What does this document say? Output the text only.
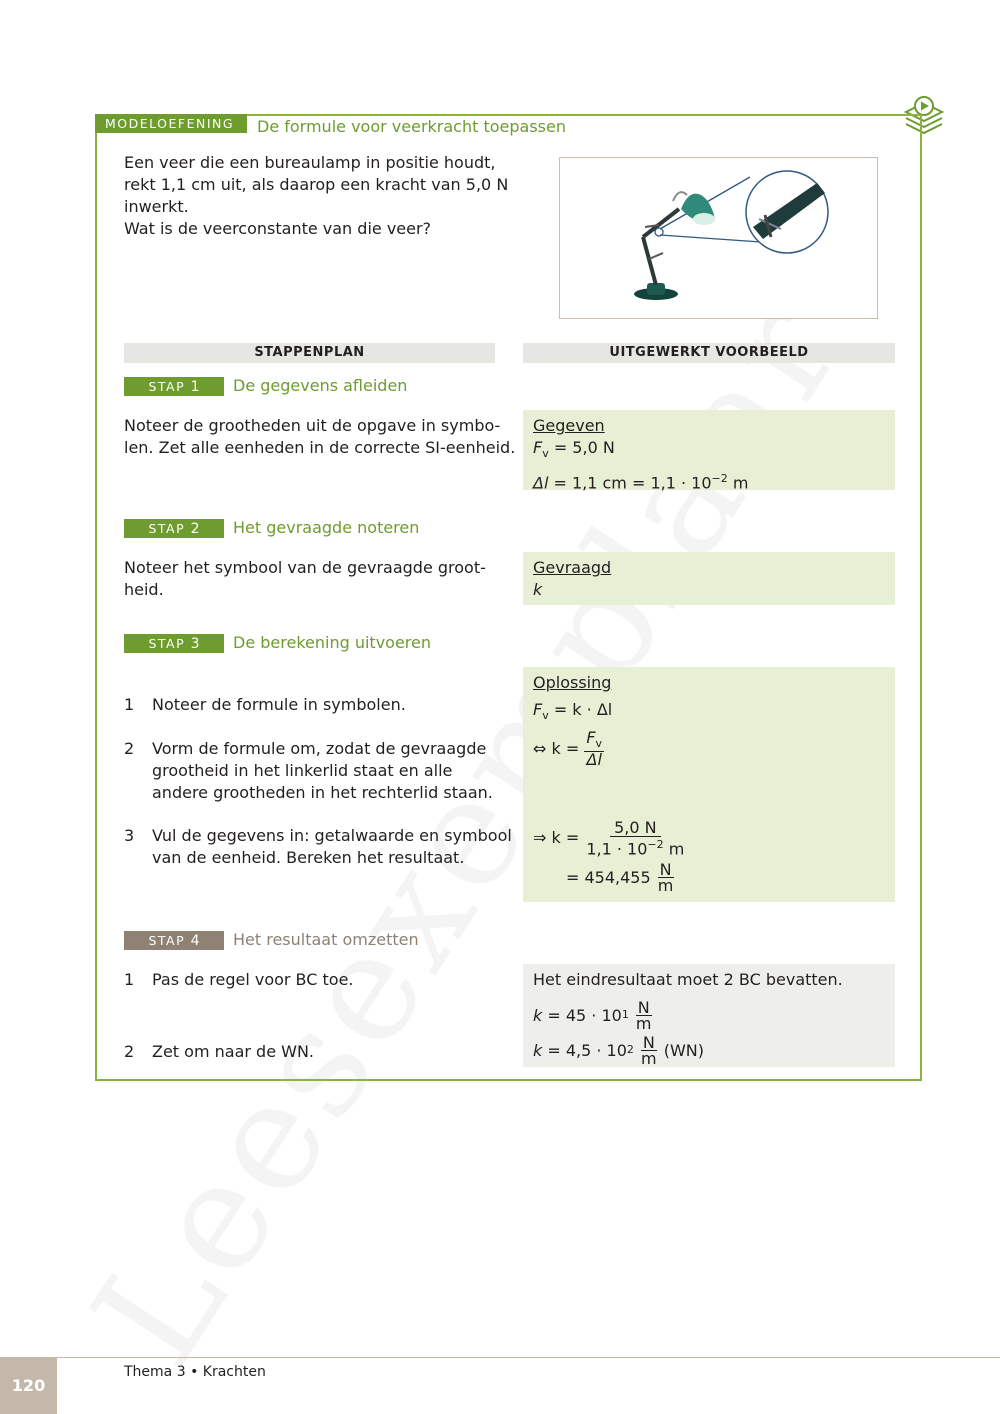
MODELOEFENING 9
De formule voor veerkracht toepassen
Een veer die een bureaulamp in positie houdt,
rekt 1,1 cm uit, als daarop een kracht van 5,0 N
inwerkt.
Wat is de veerconstante van die veer?
STAPPENPLAN	UITGEWERKT VOORBEELD
STAP 1	De gegevens afleiden
Noteer de grootheden uit de opgave in symbo-
len. Zet alle eenheden in de correcte SI-eenheid.
Gegeven
$F_v = 5,0$ N
Δl = 1,1 cm = $1,1 \cdot 10^{-2}$ m
STAP 2	Het gevraagde noteren
Noteer het symbool van de gevraagde groot-
heid.
Gevraagd
k
STAP 3	De berekening uitvoeren
1 Noteer de formule in symbolen.
2 Vorm de formule om, zodat de gevraagde
grootheid in het linkerlid staat en alle
andere grootheden in het rechterlid staan.
3 Vul de gegevens in: getalwaarde en symbool
van de eenheid. Bereken het resultaat.
Oplossing
$F_v = k \cdot \Delta l$
⇔ k =
$\frac{F_v}{\Delta l}$
⇒ k =
$\frac{5,0 N}{1,1 \cdot 10^{-2} m}$
= 454,455
$\frac{N}{m}$
STAP 4	Het resultaat omzetten
1 Pas de regel voor BC toe.
2 Zet om naar de WN.
Het eindresultaat moet 2 BC bevatten.
k
= 45 · 10 1
$\frac{N}{m}$
k
= 4,5 · 10 2
$\frac{N}{m}$
(WN)
120
Thema 3 • Krachten
